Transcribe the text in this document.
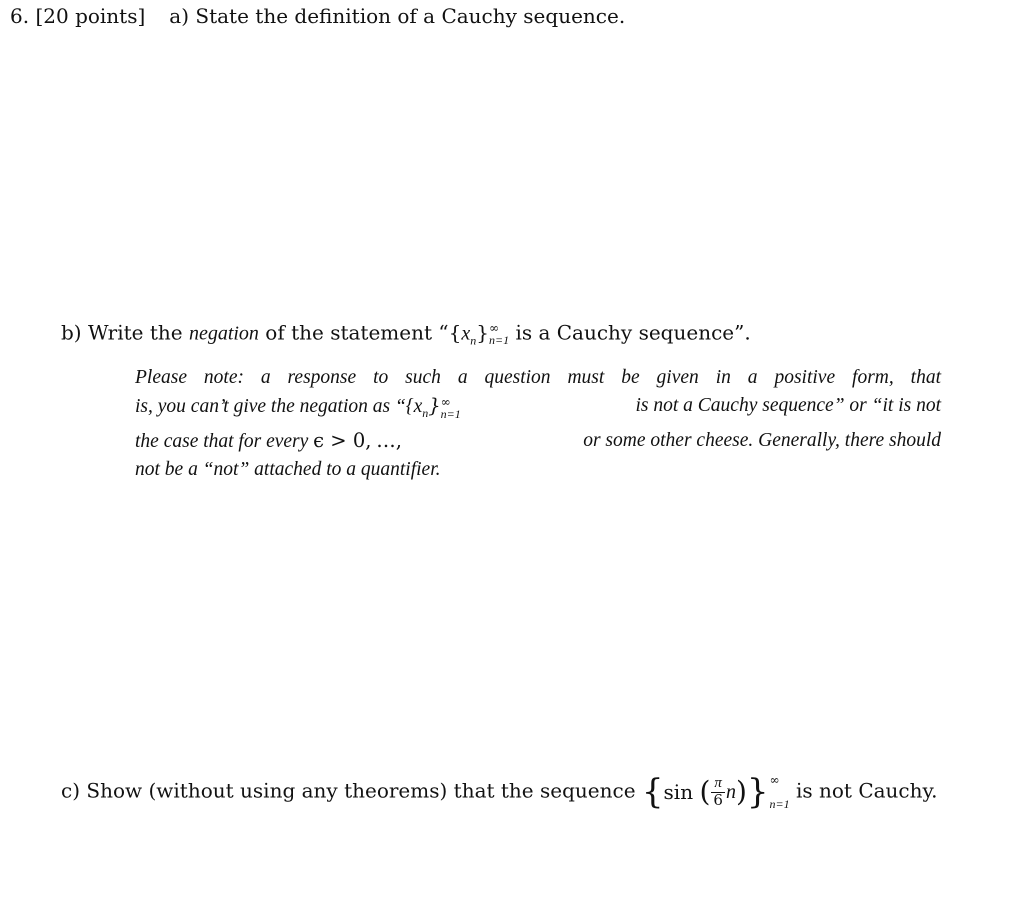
6. [20 points] a) State the definition of a Cauchy sequence.
b) Write the negation of the statement “$\{x_n\}$ ∞
n=1 is a Cauchy sequence”.
Please note: a response to such a question must be given in a positive form, that
is, you can’t give the negation as “$\{x_n\}$ ∞
n=1	is not a Cauchy sequence” or “it is not
the case that for every ϵ > 0, …,	or some other cheese. Generally, there should
not be a “not” attached to a quantifier.
c) Show (without using any theorems) that the sequence {sin ( $\frac{\pi}{6} n$)} ∞
n=1
is not Cauchy.
